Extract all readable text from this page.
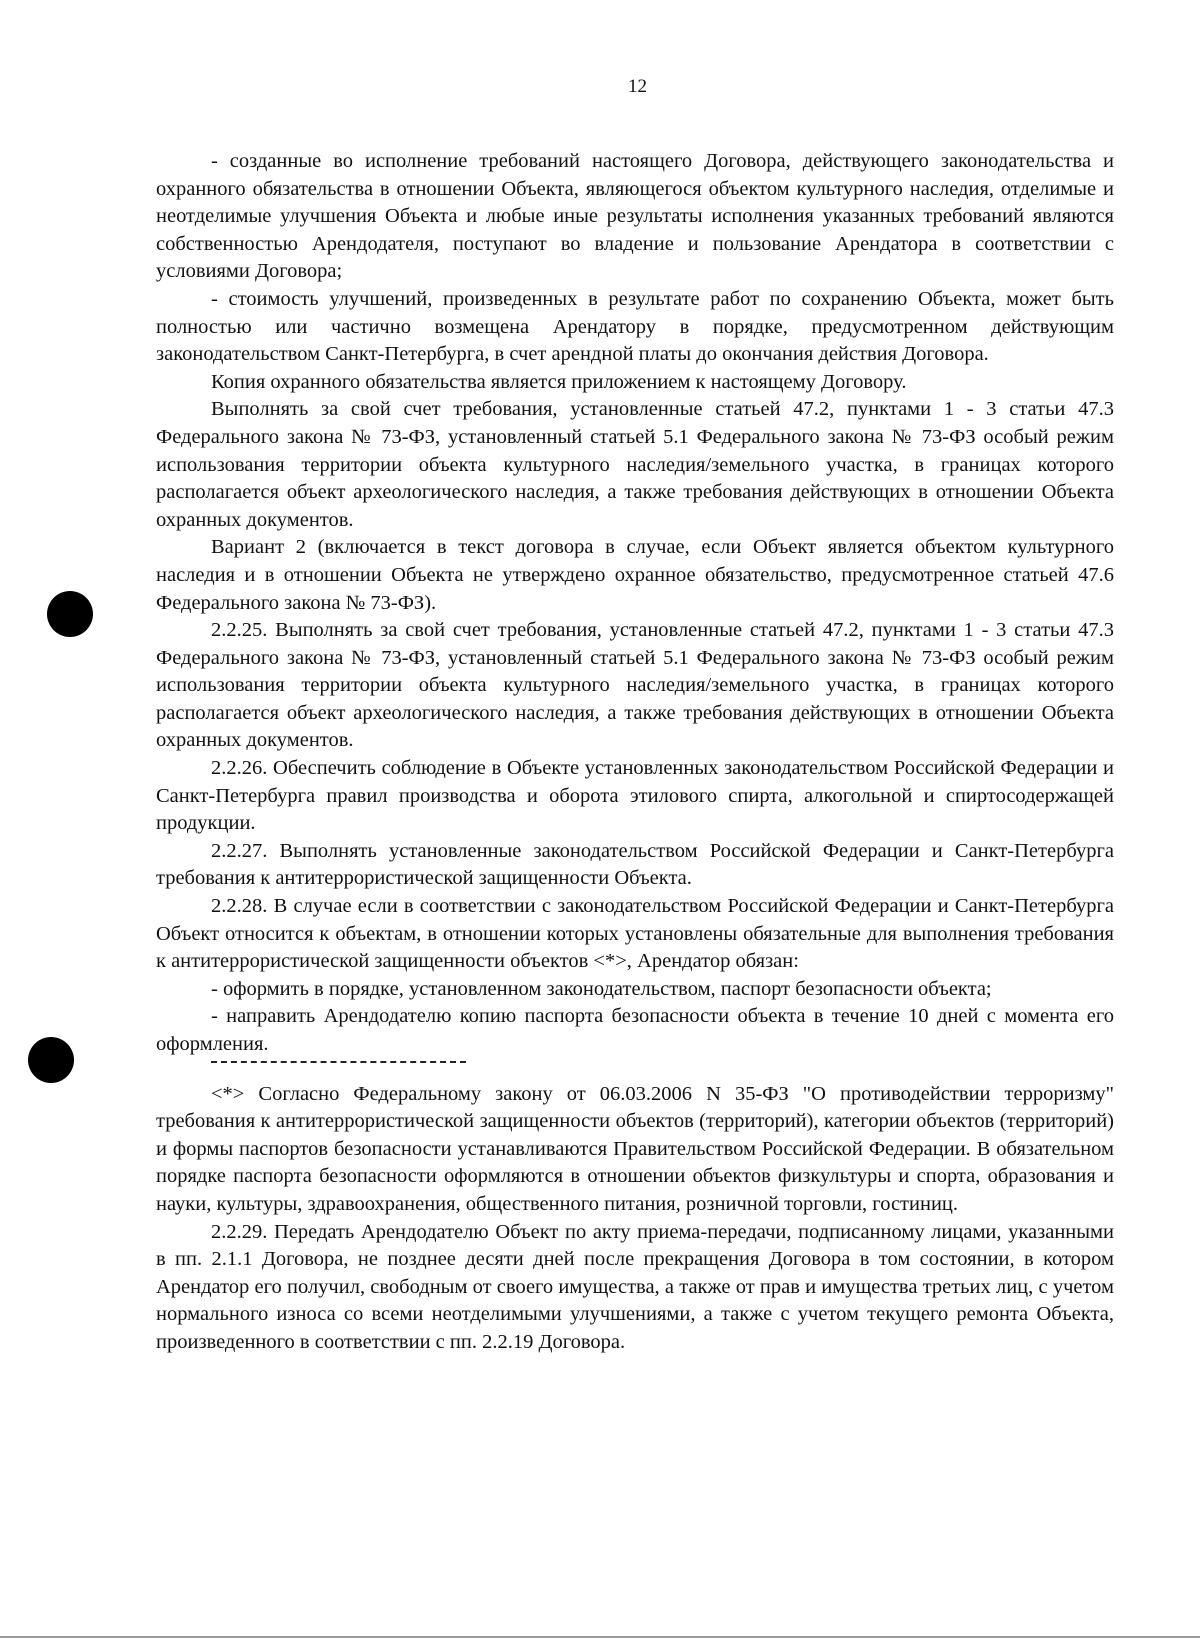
12

- созданные во исполнение требований настоящего Договора, действующего законодательства и охранного обязательства в отношении Объекта, являющегося объектом культурного наследия, отделимые и неотделимые улучшения Объекта и любые иные результаты исполнения указанных требований являются собственностью Арендодателя, поступают во владение и пользование Арендатора в соответствии с условиями Договора;

- стоимость улучшений, произведенных в результате работ по сохранению Объекта, может быть полностью или частично возмещена Арендатору в порядке, предусмотренном действующим законодательством Санкт-Петербурга, в счет арендной платы до окончания действия Договора.

Копия охранного обязательства является приложением к настоящему Договору.

Выполнять за свой счет требования, установленные статьей 47.2, пунктами 1 - 3 статьи 47.3 Федерального закона № 73-ФЗ, установленный статьей 5.1 Федерального закона № 73-ФЗ особый режим использования территории объекта культурного наследия/земельного участка, в границах которого располагается объект археологического наследия, а также требования действующих в отношении Объекта охранных документов.

Вариант 2 (включается в текст договора в случае, если Объект является объектом культурного наследия и в отношении Объекта не утверждено охранное обязательство, предусмотренное статьей 47.6 Федерального закона № 73-ФЗ).

2.2.25. Выполнять за свой счет требования, установленные статьей 47.2, пунктами 1 - 3 статьи 47.3 Федерального закона № 73-ФЗ, установленный статьей 5.1 Федерального закона № 73-ФЗ особый режим использования территории объекта культурного наследия/земельного участка, в границах которого располагается объект археологического наследия, а также требования действующих в отношении Объекта охранных документов.

2.2.26. Обеспечить соблюдение в Объекте установленных законодательством Российской Федерации и Санкт-Петербурга правил производства и оборота этилового спирта, алкогольной и спиртосодержащей продукции.

2.2.27. Выполнять установленные законодательством Российской Федерации и Санкт-Петербурга требования к антитеррористической защищенности Объекта.

2.2.28. В случае если в соответствии с законодательством Российской Федерации и Санкт-Петербурга Объект относится к объектам, в отношении которых установлены обязательные для выполнения требования к антитеррористической защищенности объектов <*>, Арендатор обязан:

- оформить в порядке, установленном законодательством, паспорт безопасности объекта;

- направить Арендодателю копию паспорта безопасности объекта в течение 10 дней с момента его оформления.

<*> Согласно Федеральному закону от 06.03.2006 N 35-ФЗ "О противодействии терроризму" требования к антитеррористической защищенности объектов (территорий), категории объектов (территорий) и формы паспортов безопасности устанавливаются Правительством Российской Федерации. В обязательном порядке паспорта безопасности оформляются в отношении объектов физкультуры и спорта, образования и науки, культуры, здравоохранения, общественного питания, розничной торговли, гостиниц.

2.2.29. Передать Арендодателю Объект по акту приема-передачи, подписанному лицами, указанными в пп. 2.1.1 Договора, не позднее десяти дней после прекращения Договора в том состоянии, в котором Арендатор его получил, свободным от своего имущества, а также от прав и имущества третьих лиц, с учетом нормального износа со всеми неотделимыми улучшениями, а также с учетом текущего ремонта Объекта, произведенного в соответствии с пп. 2.2.19 Договора.
